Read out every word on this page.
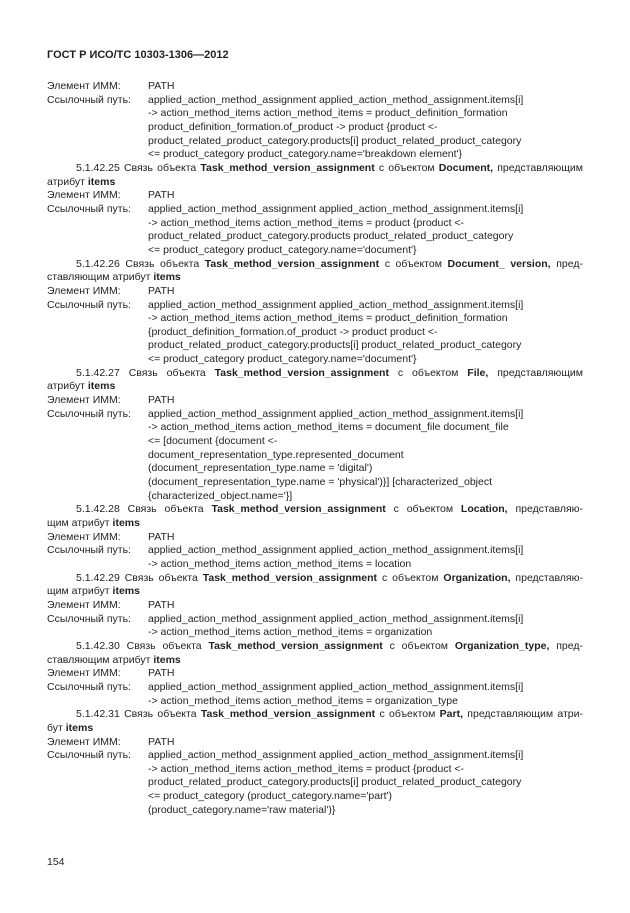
ГОСТ Р ИСО/ТС 10303-1306—2012
Элемент ИММ:	PATH
Ссылочный путь:	applied_action_method_assignment applied_action_method_assignment.items[i]
-> action_method_items action_method_items = product_definition_formation
product_definition_formation.of_product -> product {product <-
product_related_product_category.products[i] product_related_product_category
<= product_category product_category.name='breakdown element'}
5.1.42.25 Связь объекта Task_method_version_assignment с объектом Document, представляющим
атрибут items
Элемент ИММ:	PATH
Ссылочный путь:	applied_action_method_assignment applied_action_method_assignment.items[i]
-> action_method_items action_method_items = product {product <-
product_related_product_category.products product_related_product_category
<= product_category product_category.name='document'}
5.1.42.26 Связь объекта Task_method_version_assignment с объектом Document_ version, пред-
ставляющим атрибут items
Элемент ИММ:	PATH
Ссылочный путь:	applied_action_method_assignment applied_action_method_assignment.items[i]
-> action_method_items action_method_items = product_definition_formation
{product_definition_formation.of_product -> product product <-
product_related_product_category.products[i] product_related_product_category
<= product_category product_category.name='document'}
5.1.42.27 Связь объекта Task_method_version_assignment с объектом File, представляющим
атрибут items
Элемент ИММ:	PATH
Ссылочный путь:	applied_action_method_assignment applied_action_method_assignment.items[i]
-> action_method_items action_method_items = document_file document_file
<= [document {document <-
document_representation_type.represented_document
(document_representation_type.name = 'digital')
(document_representation_type.name = 'physical')}] [characterized_object
{characterized_object.name='}]
5.1.42.28 Связь объекта Task_method_version_assignment с объектом Location, представляю-
щим атрибут items
Элемент ИММ:	PATH
Ссылочный путь:	applied_action_method_assignment applied_action_method_assignment.items[i]
-> action_method_items action_method_items = location
5.1.42.29 Связь объекта Task_method_version_assignment с объектом Organization, представляю-
щим атрибут items
Элемент ИММ:	PATH
Ссылочный путь:	applied_action_method_assignment applied_action_method_assignment.items[i]
-> action_method_items action_method_items = organization
5.1.42.30 Связь объекта Task_method_version_assignment с объектом Organization_type, пред-
ставляющим атрибут items
Элемент ИММ:	PATH
Ссылочный путь:	applied_action_method_assignment applied_action_method_assignment.items[i]
-> action_method_items action_method_items = organization_type
5.1.42.31 Связь объекта Task_method_version_assignment с объектом Part, представляющим атри-
бут items
Элемент ИММ:	PATH
Ссылочный путь:	applied_action_method_assignment applied_action_method_assignment.items[i]
-> action_method_items action_method_items = product {product <-
product_related_product_category.products[i] product_related_product_category
<= product_category (product_category.name='part')
(product_category.name='raw material')}
154
